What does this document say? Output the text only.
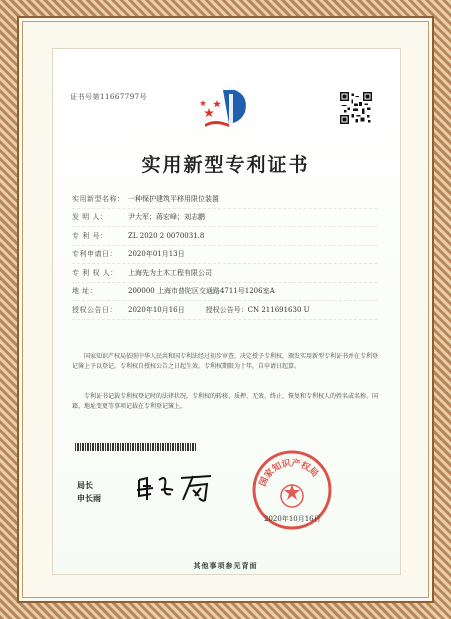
证书号第11667797号
实用新型专利证书
实用新型名称： 一种保护建筑平移用限位装置
发 明 人：	尹大军；蒋宏峰；刘志鹏
专 利 号：	ZL 2020 2 0070031.8
专利申请日：	2020年01月13日
专 利 权 人：	上海先为土木工程有限公司
地 址：	200000 上海市普陀区交通路4711号1206室A
授权公告日：	2020年10月16日　　　授权公告号：CN 211691630 U
国家知识产权局依照中华人民共和国专利法经过初步审查，决定授予专利权，颁发实用新型专利证书并在专利登记簿上予以登记。专利权自授权公告之日起生效。专利权期限为十年，自申请日起算。
专利证书记载专利权登记时的法律状况。专利权的转移、质押、无效、终止、恢复和专利权人的姓名或名称、国籍、地址变更等事项记载在专利登记簿上。
局长
申长雨
国家知识产权局
2020年10月16日
其他事项参见背面
